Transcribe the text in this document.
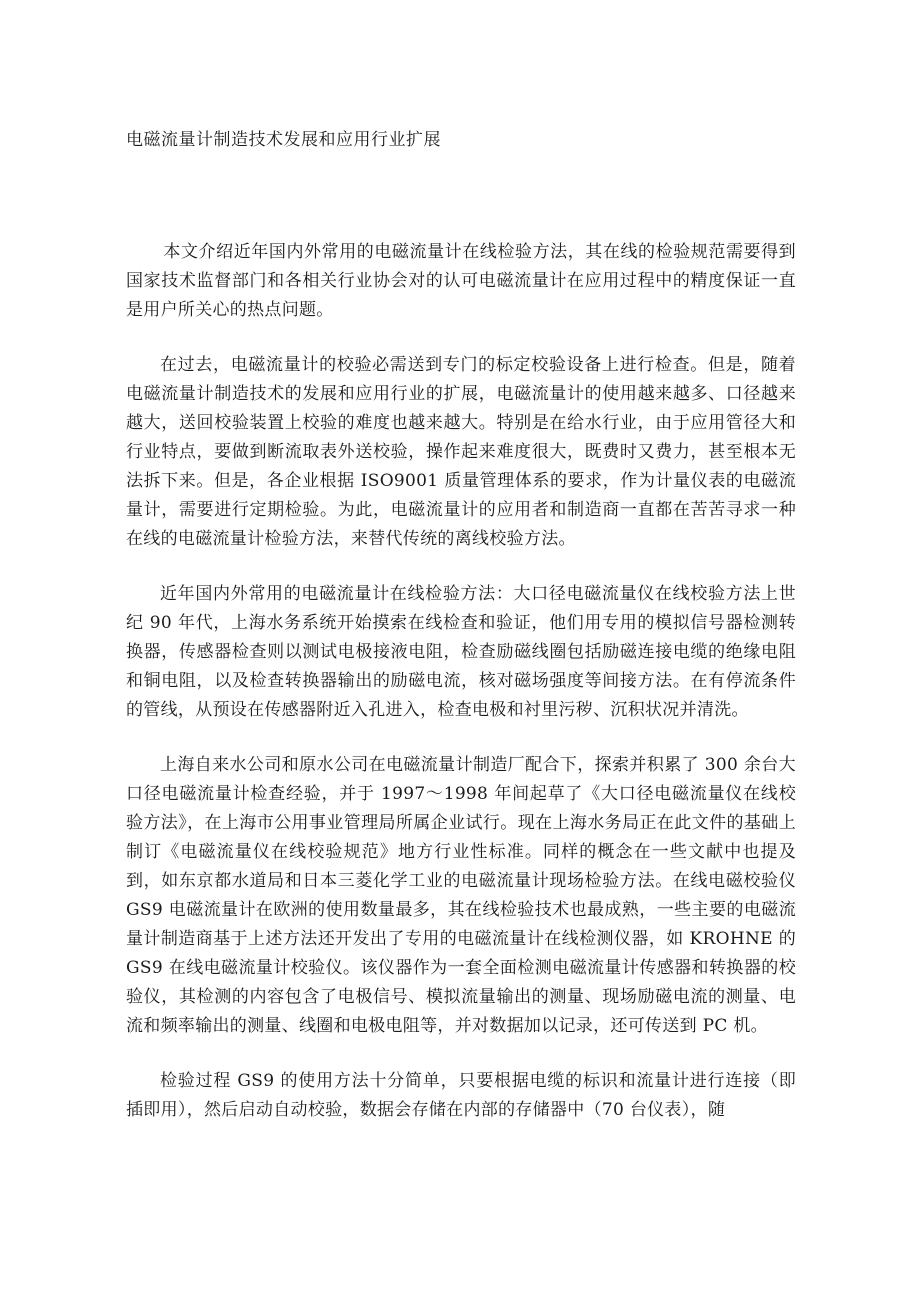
电磁流量计制造技术发展和应用行业扩展

本文介绍近年国内外常用的电磁流量计在线检验方法，其在线的检验规范需要得到国家技术监督部门和各相关行业协会对的认可电磁流量计在应用过程中的精度保证一直是用户所关心的热点问题。

在过去，电磁流量计的校验必需送到专门的标定校验设备上进行检查。但是，随着电磁流量计制造技术的发展和应用行业的扩展，电磁流量计的使用越来越多、口径越来越大，送回校验装置上校验的难度也越来越大。特别是在给水行业，由于应用管径大和行业特点，要做到断流取表外送校验，操作起来难度很大，既费时又费力，甚至根本无法拆下来。但是，各企业根据 ISO9001 质量管理体系的要求，作为计量仪表的电磁流量计，需要进行定期检验。为此，电磁流量计的应用者和制造商一直都在苦苦寻求一种在线的电磁流量计检验方法，来替代传统的离线校验方法。

近年国内外常用的电磁流量计在线检验方法：大口径电磁流量仪在线校验方法上世纪 90 年代，上海水务系统开始摸索在线检查和验证，他们用专用的模拟信号器检测转换器，传感器检查则以测试电极接液电阻，检查励磁线圈包括励磁连接电缆的绝缘电阻和铜电阻，以及检查转换器输出的励磁电流，核对磁场强度等间接方法。在有停流条件的管线，从预设在传感器附近入孔进入，检查电极和衬里污秽、沉积状况并清洗。

上海自来水公司和原水公司在电磁流量计制造厂配合下，探索并积累了 300 余台大口径电磁流量计检查经验，并于 1997～1998 年间起草了《大口径电磁流量仪在线校验方法》，在上海市公用事业管理局所属企业试行。现在上海水务局正在此文件的基础上制订《电磁流量仪在线校验规范》地方行业性标准。同样的概念在一些文献中也提及到，如东京都水道局和日本三菱化学工业的电磁流量计现场检验方法。在线电磁校验仪 GS9 电磁流量计在欧洲的使用数量最多，其在线检验技术也最成熟，一些主要的电磁流量计制造商基于上述方法还开发出了专用的电磁流量计在线检测仪器，如 KROHNE 的 GS9 在线电磁流量计校验仪。该仪器作为一套全面检测电磁流量计传感器和转换器的校验仪，其检测的内容包含了电极信号、模拟流量输出的测量、现场励磁电流的测量、电流和频率输出的测量、线圈和电极电阻等，并对数据加以记录，还可传送到 PC 机。

检验过程 GS9 的使用方法十分简单，只要根据电缆的标识和流量计进行连接（即插即用），然后启动自动校验，数据会存储在内部的存储器中（70 台仪表），随
